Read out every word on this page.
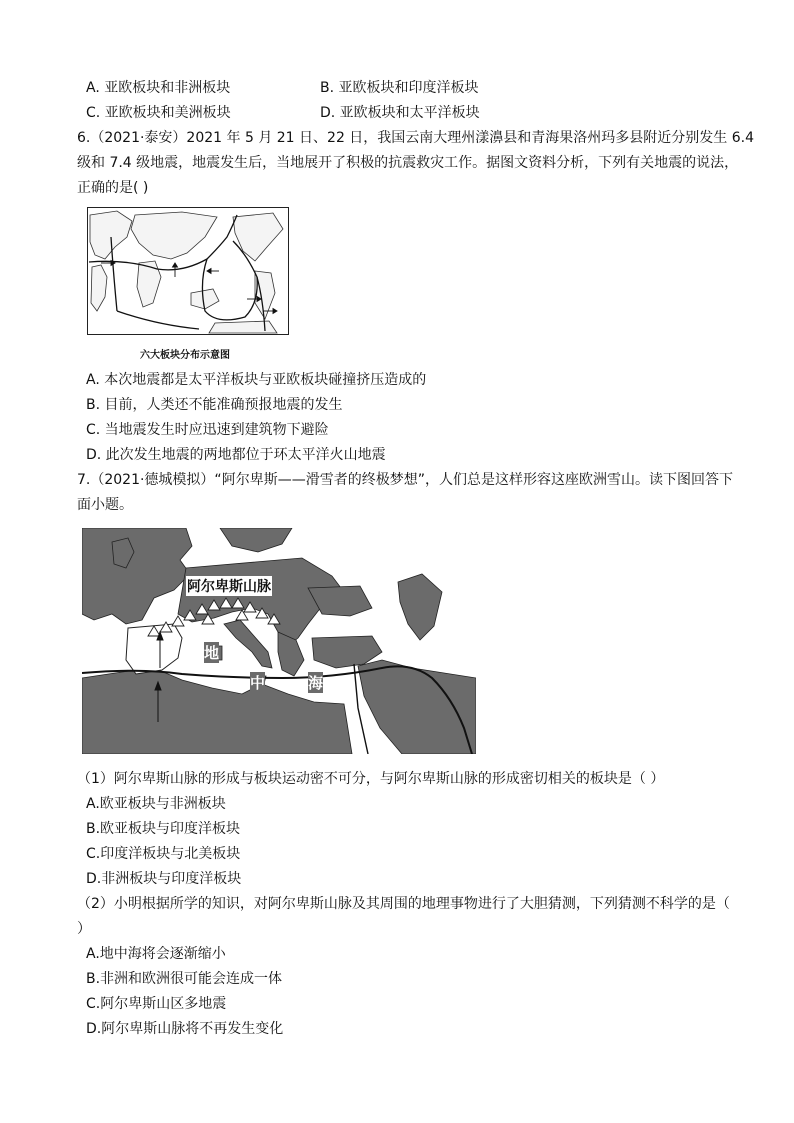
A. 亚欧板块和非洲板块	B. 亚欧板块和印度洋板块
C. 亚欧板块和美洲板块	D. 亚欧板块和太平洋板块
6.（2021·泰安）2021 年 5 月 21 日、22 日，我国云南大理州漾濞县和青海果洛州玛多县附近分别发生 6.4
级和 7.4 级地震，地震发生后，当地展开了积极的抗震救灾工作。据图文资料分析，下列有关地震的说法，
正确的是( )
六大板块分布示意图
A. 本次地震都是太平洋板块与亚欧板块碰撞挤压造成的
B. 目前，人类还不能准确预报地震的发生
C. 当地震发生时应迅速到建筑物下避险
D. 此次发生地震的两地都位于环太平洋火山地震
7.（2021·德城模拟）“阿尔卑斯——滑雪者的终极梦想”，人们总是这样形容这座欧洲雪山。读下图回答下
面小题。
阿尔卑斯山脉
地
中	海
（1）阿尔卑斯山脉的形成与板块运动密不可分，与阿尔卑斯山脉的形成密切相关的板块是（ ）
A.欧亚板块与非洲板块
B.欧亚板块与印度洋板块
C.印度洋板块与北美板块
D.非洲板块与印度洋板块
（2）小明根据所学的知识，对阿尔卑斯山脉及其周围的地理事物进行了大胆猜测，下列猜测不科学的是（
）
A.地中海将会逐渐缩小
B.非洲和欧洲很可能会连成一体
C.阿尔卑斯山区多地震
D.阿尔卑斯山脉将不再发生变化
